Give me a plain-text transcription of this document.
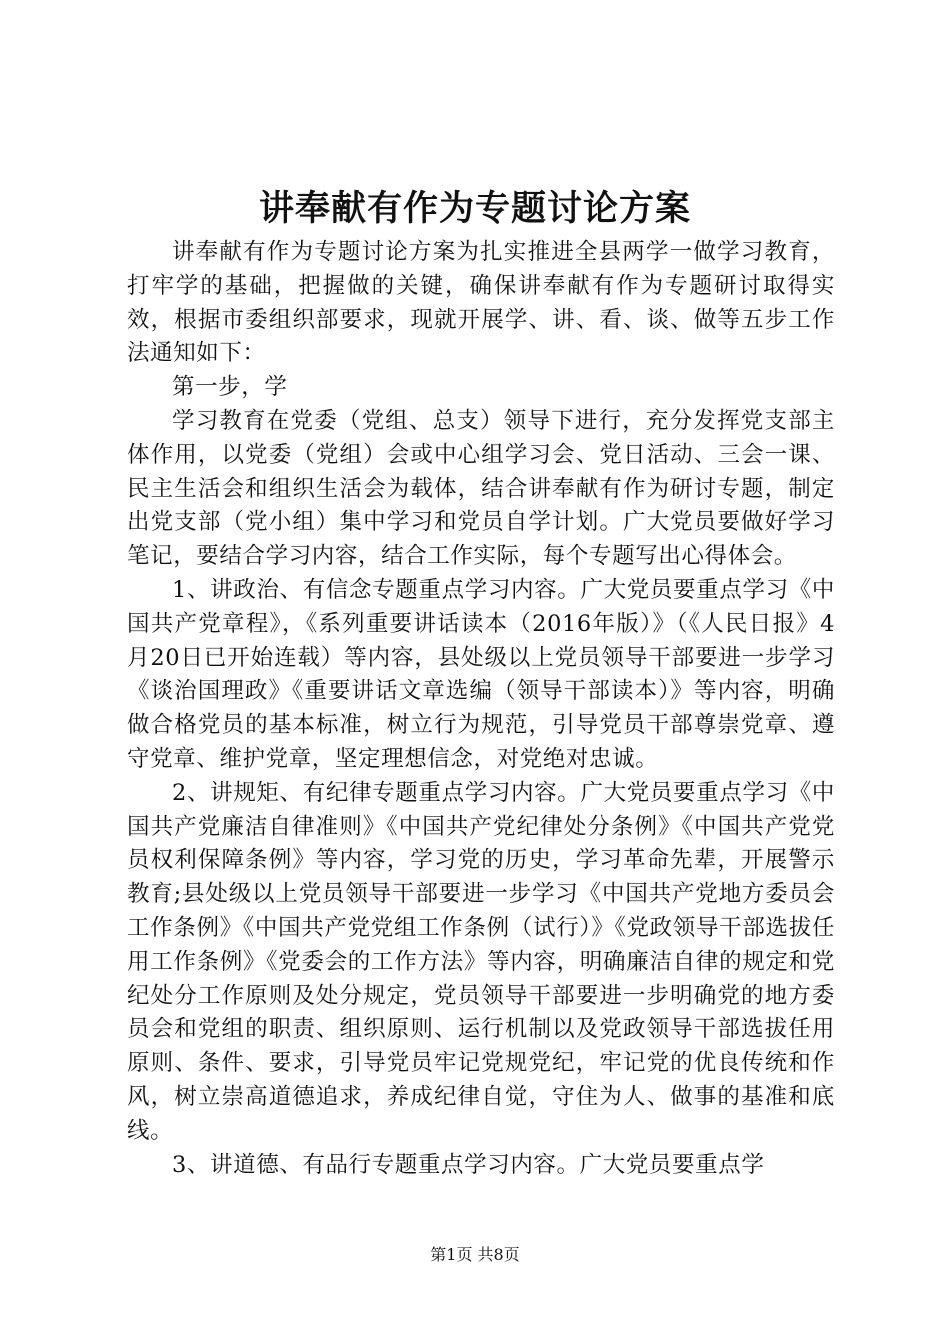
讲奉献有作为专题讨论方案

讲奉献有作为专题讨论方案为扎实推进全县两学一做学习教育，打牢学的基础，把握做的关键，确保讲奉献有作为专题研讨取得实效，根据市委组织部要求，现就开展学、讲、看、谈、做等五步工作法通知如下：

第一步，学

学习教育在党委（党组、总支）领导下进行，充分发挥党支部主体作用，以党委（党组）会或中心组学习会、党日活动、三会一课、民主生活会和组织生活会为载体，结合讲奉献有作为研讨专题，制定出党支部（党小组）集中学习和党员自学计划。广大党员要做好学习笔记，要结合学习内容，结合工作实际，每个专题写出心得体会。

1、讲政治、有信念专题重点学习内容。广大党员要重点学习《中国共产党章程》，《系列重要讲话读本（2016年版）》（《人民日报》4月20日已开始连载）等内容，县处级以上党员领导干部要进一步学习《谈治国理政》《重要讲话文章选编（领导干部读本）》等内容，明确做合格党员的基本标准，树立行为规范，引导党员干部尊崇党章、遵守党章、维护党章，坚定理想信念，对党绝对忠诚。

2、讲规矩、有纪律专题重点学习内容。广大党员要重点学习《中国共产党廉洁自律准则》《中国共产党纪律处分条例》《中国共产党党员权利保障条例》等内容，学习党的历史，学习革命先辈，开展警示教育;县处级以上党员领导干部要进一步学习《中国共产党地方委员会工作条例》《中国共产党党组工作条例（试行）》《党政领导干部选拔任用工作条例》《党委会的工作方法》等内容，明确廉洁自律的规定和党纪处分工作原则及处分规定，党员领导干部要进一步明确党的地方委员会和党组的职责、组织原则、运行机制以及党政领导干部选拔任用原则、条件、要求，引导党员牢记党规党纪，牢记党的优良传统和作风，树立崇高道德追求，养成纪律自觉，守住为人、做事的基准和底线。

3、讲道德、有品行专题重点学习内容。广大党员要重点学

第1页 共8页
